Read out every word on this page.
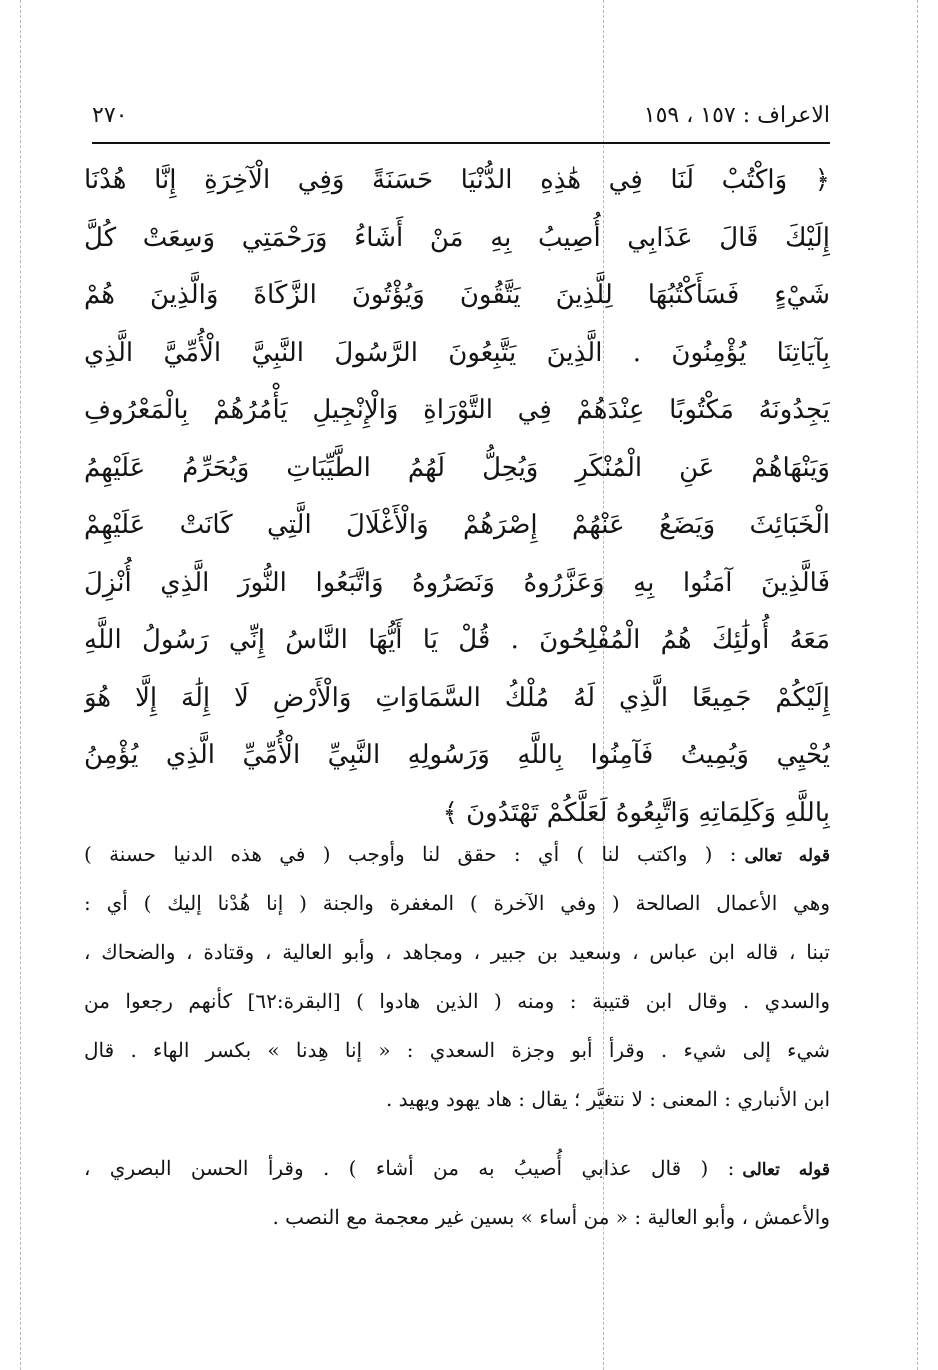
الاعراف : ١٥٧ ، ١٥٩
٢٧٠
﴿ وَاكْتُبْ لَنَا فِي هَٰذِهِ الدُّنْيَا حَسَنَةً وَفِي الْآخِرَةِ إِنَّا هُدْنَا
إِلَيْكَ قَالَ عَذَابِي أُصِيبُ بِهِ مَنْ أَشَاءُ وَرَحْمَتِي وَسِعَتْ كُلَّ
شَيْءٍ فَسَأَكْتُبُهَا لِلَّذِينَ يَتَّقُونَ وَيُؤْتُونَ الزَّكَاةَ وَالَّذِينَ هُمْ
بِآيَاتِنَا يُؤْمِنُونَ . الَّذِينَ يَتَّبِعُونَ الرَّسُولَ النَّبِيَّ الْأُمِّيَّ الَّذِي
يَجِدُونَهُ مَكْتُوبًا عِنْدَهُمْ فِي التَّوْرَاةِ وَالْإِنْجِيلِ يَأْمُرُهُمْ بِالْمَعْرُوفِ
وَيَنْهَاهُمْ عَنِ الْمُنْكَرِ وَيُحِلُّ لَهُمُ الطَّيِّبَاتِ وَيُحَرِّمُ عَلَيْهِمُ
الْخَبَائِثَ وَيَضَعُ عَنْهُمْ إِصْرَهُمْ وَالْأَغْلَالَ الَّتِي كَانَتْ عَلَيْهِمْ
فَالَّذِينَ آمَنُوا بِهِ وَعَزَّرُوهُ وَنَصَرُوهُ وَاتَّبَعُوا النُّورَ الَّذِي أُنْزِلَ
مَعَهُ أُولَٰئِكَ هُمُ الْمُفْلِحُونَ . قُلْ يَا أَيُّهَا النَّاسُ إِنِّي رَسُولُ اللَّهِ
إِلَيْكُمْ جَمِيعًا الَّذِي لَهُ مُلْكُ السَّمَاوَاتِ وَالْأَرْضِ لَا إِلَٰهَ إِلَّا هُوَ
يُحْيِي وَيُمِيتُ فَآمِنُوا بِاللَّهِ وَرَسُولِهِ النَّبِيِّ الْأُمِّيِّ الَّذِي يُؤْمِنُ
بِاللَّهِ وَكَلِمَاتِهِ وَاتَّبِعُوهُ لَعَلَّكُمْ تَهْتَدُونَ ﴾
قوله تعالى: ( واكتب لنا ) أي : حقق لنا وأوجب ( في هذه الدنيا حسنة )
وهي الأعمال الصالحة ( وفي الآخرة ) المغفرة والجنة ( إنا هُدْنا إليك ) أي :
تبنا ، قاله ابن عباس ، وسعيد بن جبير ، ومجاهد ، وأبو العالية ، وقتادة ، والضحاك ،
والسدي . وقال ابن قتيبة : ومنه ( الذين هادوا ) [البقرة:٦٢] كأنهم رجعوا من
شيء إلى شيء . وقرأ أبو وجزة السعدي : « إنا هِدنا » بكسر الهاء . قال
ابن الأنباري : المعنى : لا نتغيَّر ؛ يقال : هاد يهود ويهيد .
قوله تعالى: ( قال عذابي أُصيبُ به من أشاء ) . وقرأ الحسن البصري ،
والأعمش ، وأبو العالية : « من أساء » بسين غير معجمة مع النصب .
